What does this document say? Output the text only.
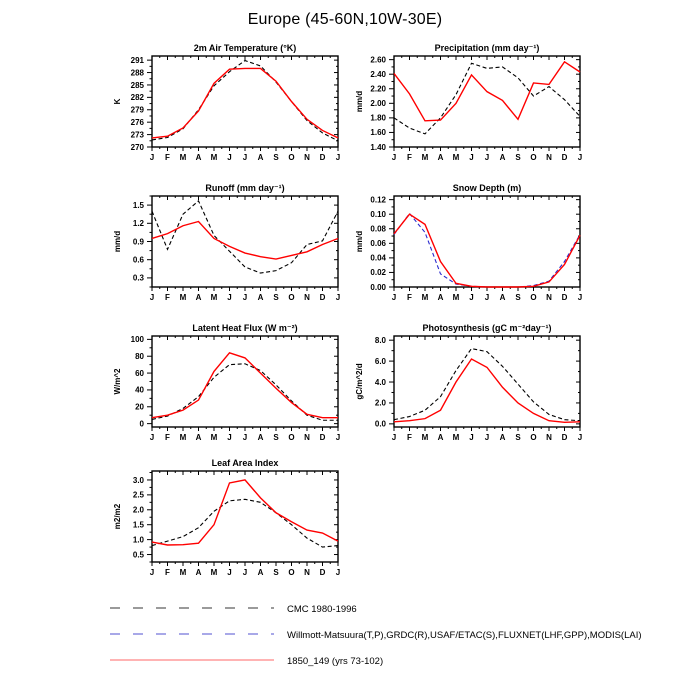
Europe (45-60N,10W-30E)
2m Air Temperature (°K)
K
J F M A M J J A S O N D J
270
273
276
279
282
285
288
291
Precipitation (mm day⁻¹)
mm/d
J F M A M J J A S O N D J
1.40
1.60
1.80
2.00
2.20
2.40
2.60
Runoff (mm day⁻¹)
mm/d
J F M A M J J A S O N D J
0.3
0.6
0.9
1.2
1.5
Snow Depth (m)
mm/d
J F M A M J J A S O N D J
0.00
0.02
0.04
0.06
0.08
0.10
0.12
Latent Heat Flux (W m⁻²)
W/m^2
J F M A M J J A S O N D J
0
20
40
60
80
100
Photosynthesis (gC m⁻²day⁻¹)
gC/m^2/d
J F M A M J J A S O N D J
0.0
2.0
4.0
6.0
8.0
Leaf Area Index
m2/m2
J F M A M J J A S O N D J
0.5
1.0
1.5
2.0
2.5
3.0
CMC 1980-1996
Willmott-Matsuura(T,P),GRDC(R),USAF/ETAC(S),FLUXNET(LHF,GPP),MODIS(LAI)
1850_149 (yrs 73-102)
